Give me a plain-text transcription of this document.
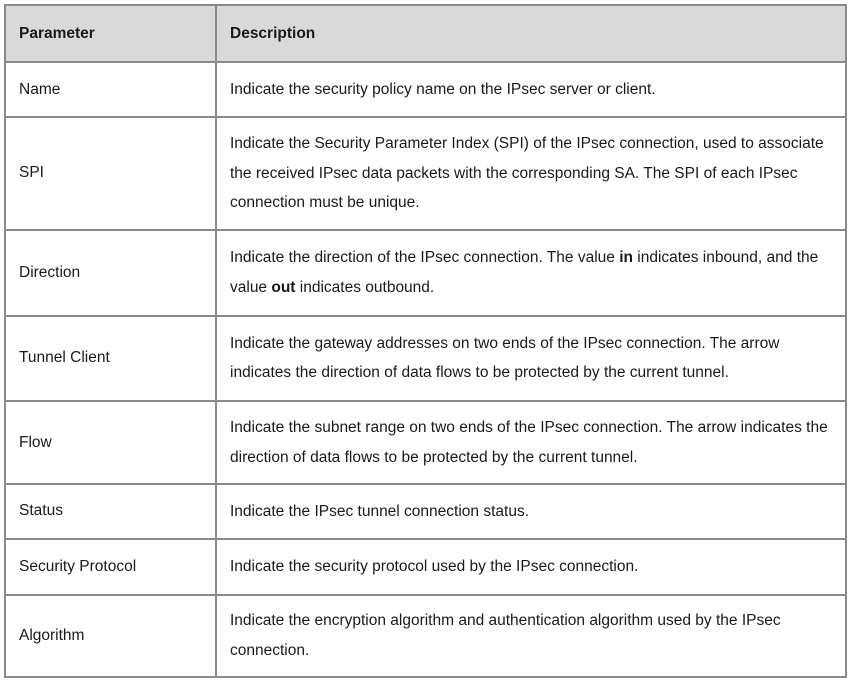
Parameter	Description
Name	Indicate the security policy name on the IPsec server or client.
SPI	Indicate the Security Parameter Index (SPI) of the IPsec connection, used to associate the received IPsec data packets with the corresponding SA. The SPI of each IPsec connection must be unique.
Direction	Indicate the direction of the IPsec connection. The value in indicates inbound, and the value out indicates outbound.
Tunnel Client	Indicate the gateway addresses on two ends of the IPsec connection. The arrow indicates the direction of data flows to be protected by the current tunnel.
Flow	Indicate the subnet range on two ends of the IPsec connection. The arrow indicates the direction of data flows to be protected by the current tunnel.
Status	Indicate the IPsec tunnel connection status.
Security Protocol	Indicate the security protocol used by the IPsec connection.
Algorithm	Indicate the encryption algorithm and authentication algorithm used by the IPsec connection.
